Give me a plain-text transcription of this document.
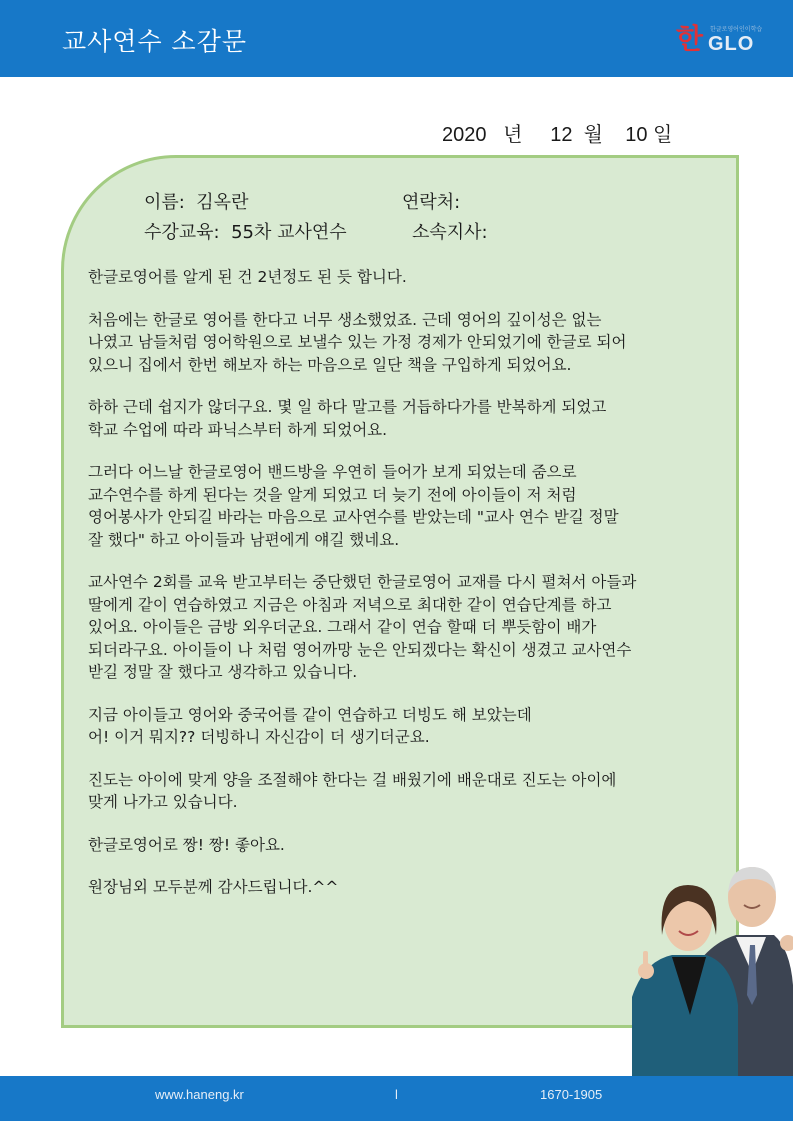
교사연수 소감문	한 한글로영어인이학습
GLO
2020 년 12 월 10 일
이름: 김옥란	연락처:
수강교육: 55차 교사연수	소속지사:

한글로영어를 알게 된 건 2년정도 된 듯 합니다.

처음에는 한글로 영어를 한다고 너무 생소했었죠. 근데 영어의 깊이성은 없는
나였고 남들처럼 영어학원으로 보낼수 있는 가정 경제가 안되었기에 한글로 되어
있으니 집에서 한번 해보자 하는 마음으로 일단 책을 구입하게 되었어요.

하하 근데 쉽지가 않더구요. 몇 일 하다 말고를 거듭하다가를 반복하게 되었고
학교 수업에 따라 파닉스부터 하게 되었어요.

그러다 어느날 한글로영어 밴드방을 우연히 들어가 보게 되었는데 줌으로
교수연수를 하게 된다는 것을 알게 되었고 더 늦기 전에 아이들이 저 처럼
영어봉사가 안되길 바라는 마음으로 교사연수를 받았는데 "교사 연수 받길 정말
잘 했다" 하고 아이들과 남편에게 얘길 했네요.

교사연수 2회를 교육 받고부터는 중단했던 한글로영어 교재를 다시 펼쳐서 아들과
딸에게 같이 연습하였고 지금은 아침과 저녁으로 최대한 같이 연습단계를 하고
있어요. 아이들은 금방 외우더군요. 그래서 같이 연습 할때 더 뿌듯함이 배가
되더라구요. 아이들이 나 처럼 영어까망 눈은 안되겠다는 확신이 생겼고 교사연수
받길 정말 잘 했다고 생각하고 있습니다.

지금 아이들고 영어와 중국어를 같이 연습하고 더빙도 해 보았는데
어! 이거 뭐지?? 더빙하니 자신감이 더 생기더군요.

진도는 아이에 맞게 양을 조절해야 한다는 걸 배웠기에 배운대로 진도는 아이에
맞게 나가고 있습니다.

한글로영어로 짱! 짱! 좋아요.

원장님외 모두분께 감사드립니다.^^

www.haneng.kr	l	1670-1905
